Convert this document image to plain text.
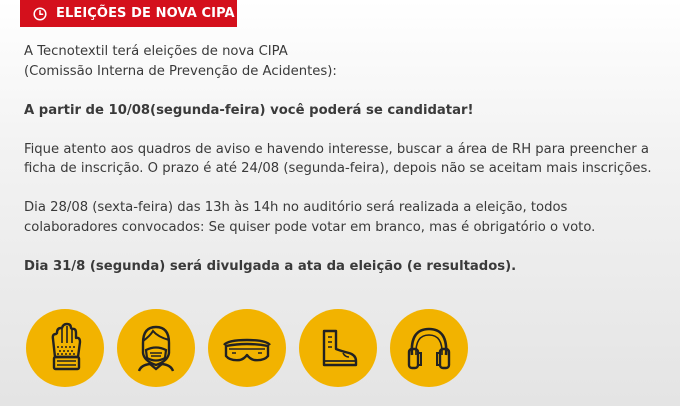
ELEIÇÕES DE NOVA CIPA

A Tecnotextil terá eleições de nova CIPA
(Comissão Interna de Prevenção de Acidentes):

A partir de 10/08(segunda-feira) você poderá se candidatar!

Fique atento aos quadros de aviso e havendo interesse, buscar a área de RH para preencher a ficha de inscrição. O prazo é até 24/08 (segunda-feira), depois não se aceitam mais inscrições.

Dia 28/08 (sexta-feira) das 13h às 14h no auditório será realizada a eleição, todos colaboradores convocados: Se quiser pode votar em branco, mas é obrigatório o voto.

Dia 31/8 (segunda) será divulgada a ata da eleição (e resultados).
